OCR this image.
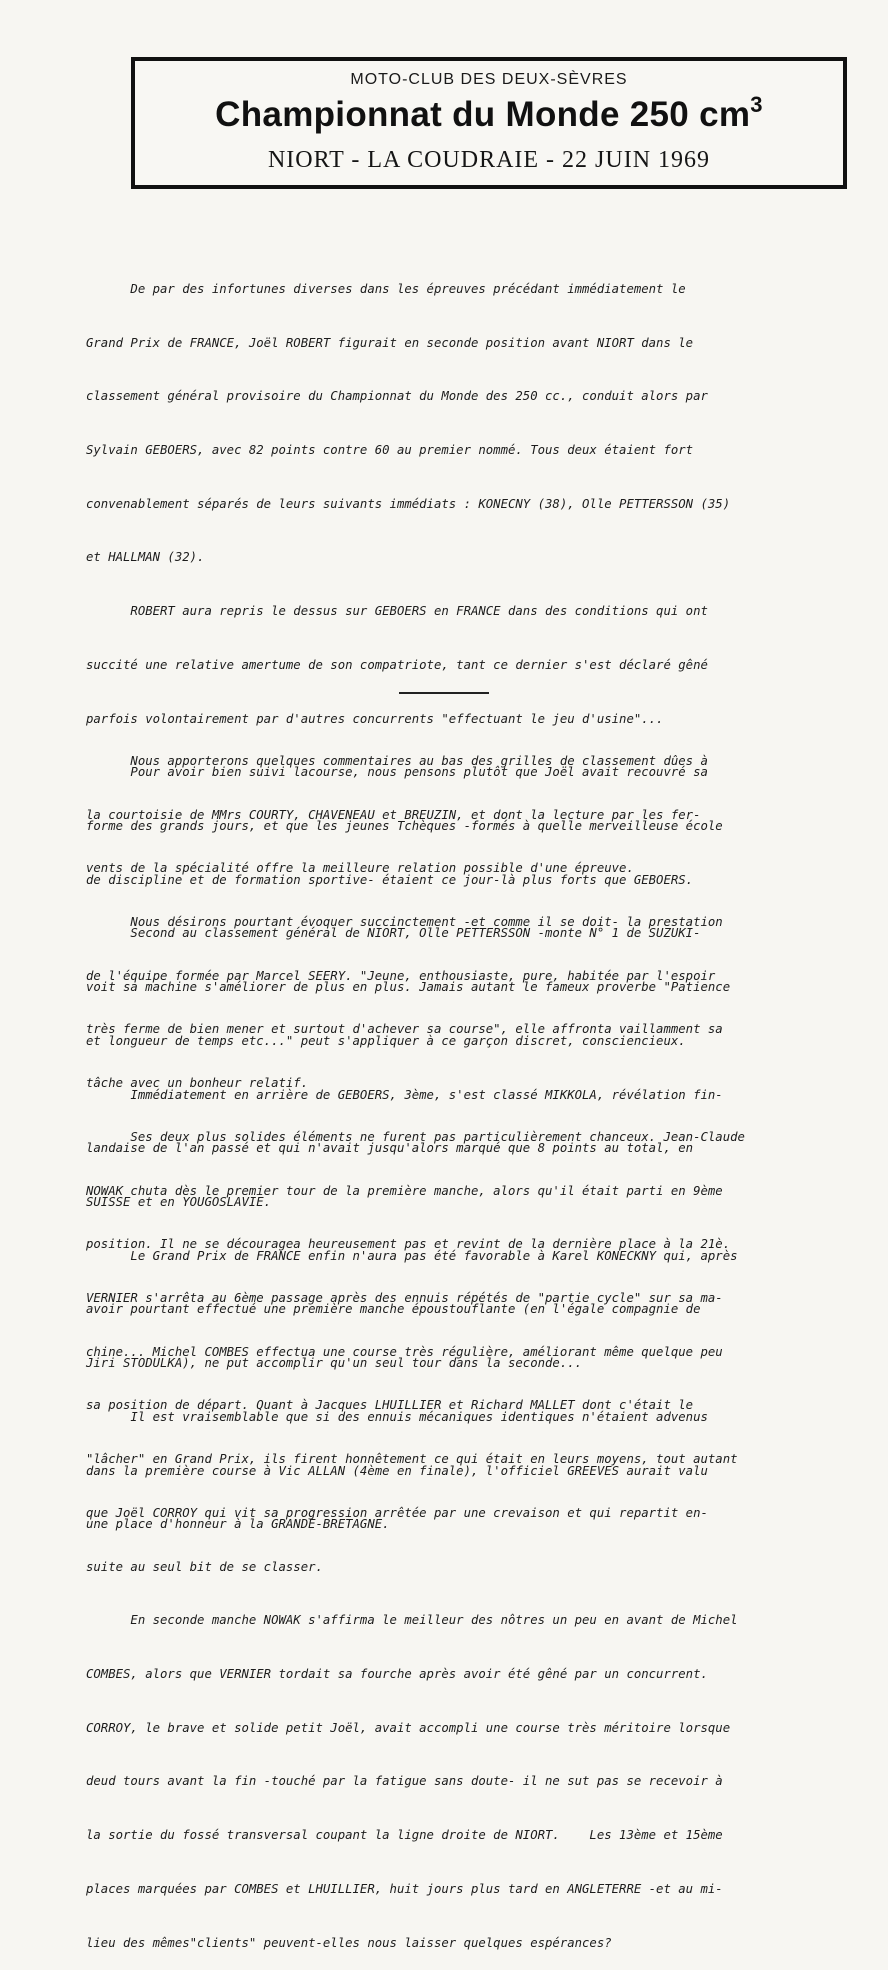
MOTO-CLUB DES DEUX-SÈVRES
Championnat du Monde 250 $cm^3$
NIORT - LA COUDRAIE - 22 JUIN 1969

De par des infortunes diverses dans les épreuves précédant immédiatement le

Grand Prix de FRANCE, Joël ROBERT figurait en seconde position avant NIORT dans le

classement général provisoire du Championnat du Monde des 250 cc., conduit alors par

Sylvain GEBOERS, avec 82 points contre 60 au premier nommé. Tous deux étaient fort

convenablement séparés de leurs suivants immédiats : KONECNY (38), Olle PETTERSSON (35)

et HALLMAN (32).

ROBERT aura repris le dessus sur GEBOERS en FRANCE dans des conditions qui ont

succité une relative amertume de son compatriote, tant ce dernier s'est déclaré gêné

parfois volontairement par d'autres concurrents "effectuant le jeu d'usine"...

Pour avoir bien suivi lacourse, nous pensons plutôt que Joël avait recouvré sa

forme des grands jours, et que les jeunes Tchèques -formés à quelle merveilleuse école

de discipline et de formation sportive- étaient ce jour-là plus forts que GEBOERS.

Second au classement général de NIORT, Olle PETTERSSON -monte N° 1 de SUZUKI-

voit sa machine s'améliorer de plus en plus. Jamais autant le fameux proverbe "Patience

et longueur de temps etc..." peut s'appliquer à ce garçon discret, consciencieux.

Immédiatement en arrière de GEBOERS, 3ème, s'est classé MIKKOLA, révélation fin-

landaise de l'an passé et qui n'avait jusqu'alors marqué que 8 points au total, en

SUISSE et en YOUGOSLAVIE.

Le Grand Prix de FRANCE enfin n'aura pas été favorable à Karel KONECKNY qui, après

avoir pourtant effectué une première manche époustouflante (en l'égale compagnie de

Jiri STODULKA), ne put accomplir qu'un seul tour dans la seconde...

Il est vraisemblable que si des ennuis mécaniques identiques n'étaient advenus

dans la première course à Vic ALLAN (4ème en finale), l'officiel GREEVES aurait valu

une place d'honneur à la GRANDE-BRETAGNE.

Nous apporterons quelques commentaires au bas des grilles de classement dûes à

la courtoisie de MMrs COURTY, CHAVENEAU et BREUZIN, et dont la lecture par les fer-

vents de la spécialité offre la meilleure relation possible d'une épreuve.

Nous désirons pourtant évoquer succinctement -et comme il se doit- la prestation

de l'équipe formée par Marcel SEERY. "Jeune, enthousiaste, pure, habitée par l'espoir

très ferme de bien mener et surtout d'achever sa course", elle affronta vaillamment sa

tâche avec un bonheur relatif.

Ses deux plus solides éléments ne furent pas particulièrement chanceux. Jean-Claude

NOWAK chuta dès le premier tour de la première manche, alors qu'il était parti en 9ème

position. Il ne se découragea heureusement pas et revint de la dernière place à la 21è.

VERNIER s'arrêta au 6ème passage après des ennuis répétés de "partie cycle" sur sa ma-

chine... Michel COMBES effectua une course très régulière, améliorant même quelque peu

sa position de départ. Quant à Jacques LHUILLIER et Richard MALLET dont c'était le

"lâcher" en Grand Prix, ils firent honnêtement ce qui était en leurs moyens, tout autant

que Joël CORROY qui vit sa progression arrêtée par une crevaison et qui repartit en-

suite au seul bit de se classer.

En seconde manche NOWAK s'affirma le meilleur des nôtres un peu en avant de Michel

COMBES, alors que VERNIER tordait sa fourche après avoir été gêné par un concurrent.

CORROY, le brave et solide petit Joël, avait accompli une course très méritoire lorsque

deud tours avant la fin -touché par la fatigue sans doute- il ne sut pas se recevoir à

la sortie du fossé transversal coupant la ligne droite de NIORT.    Les 13ème et 15ème

places marquées par COMBES et LHUILLIER, huit jours plus tard en ANGLETERRE -et au mi-

lieu des mêmes"clients" peuvent-elles nous laisser quelques espérances?
